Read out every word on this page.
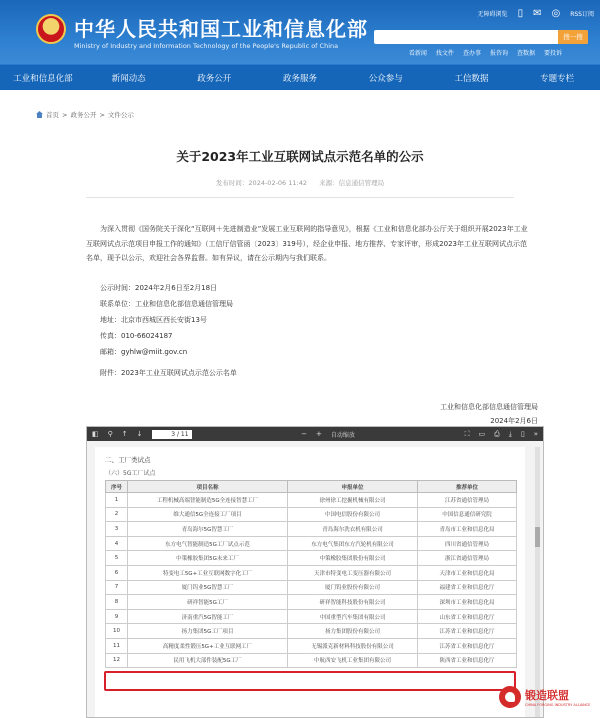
中华人民共和国工业和信息化部
Ministry of Industry and Information Technology of the People's Republic of China
无障碍浏览 ▯ ✉ ◎ RSS订阅
搜一搜
看新闻 找文件 查办事 报咨询 查数据 要投诉
工业和信息化部	新闻动态	政务公开	政务服务	公众参与	工信数据	专题专栏
首页 > 政务公开 > 文件公示
关于2023年工业互联网试点示范名单的公示
发布时间：2024-02-06 11:42 来源：信息通信管理局
为深入贯彻《国务院关于深化“互联网＋先进制造业”发展工业互联网的指导意见》，根据《工业和信息化部办公厅关于组织开展2023年工业互联网试点示范项目申报工作的通知》（工信厅信管函〔2023〕319号），经企业申报、地方推荐、专家评审，形成2023年工业互联网试点示范名单，现予以公示，欢迎社会各界监督。如有异议，请在公示期内与我们联系。
公示时间：2024年2月6日至2月18日
联系单位：工业和信息化部信息通信管理局
地址：北京市西城区西长安街13号
传真：010-66024187
邮箱：gyhlw@miit.gov.cn
附件：2023年工业互联网试点示范公示名单
工业和信息化部信息通信管理局
2024年2月6日
◧ ⚲ ↑ ↓	3 / 11	− + 自动缩放	⛶ ▭ ⎙ ⤓ ▯ »
二、工厂类试点
（六）5G工厂试点
序号	项目名称	申报单位	推荐单位
1	工程机械高端智能制造5G全连接智慧工厂	徐州徐工挖掘机械有限公司	江苏省通信管理局
2	维大通信5G全连接工厂项目	中国电信股份有限公司	中国信息通信研究院
3	青岛海尔5G智慧工厂	青岛海尔洗衣机有限公司	青岛市工业和信息化局
4	东方电气智能制造5G工厂试点示范	东方电气集团东方汽轮机有限公司	四川省通信管理局
5	中策橡胶集团5G未来工厂	中策橡胶集团股份有限公司	浙江省通信管理局
6	特变电工5G+工业互联网数字化工厂	天津市特变电工变压器有限公司	天津市工业和信息化局
7	厦门钨业5G智慧工厂	厦门钨业股份有限公司	福建省工业和信息化厅
8	研祥智能5G工厂	研祥智能科技股份有限公司	深圳市工业和信息化局
9	济南重汽5G智能工厂	中国重型汽车集团有限公司	山东省工业和信息化厅
10	扬力集团5G工厂项目	扬力集团股份有限公司	江苏省工业和信息化厅
11	高精度柔性锻压5G+工业互联网工厂	无锡派克新材料科技股份有限公司	江苏省工业和信息化厅
12	民用飞机大部件装配5G工厂	中航西安飞机工业集团有限公司	陕西省工业和信息化厅
锻造联盟
CHINA FORGING INDUSTRY ALLIANCE
